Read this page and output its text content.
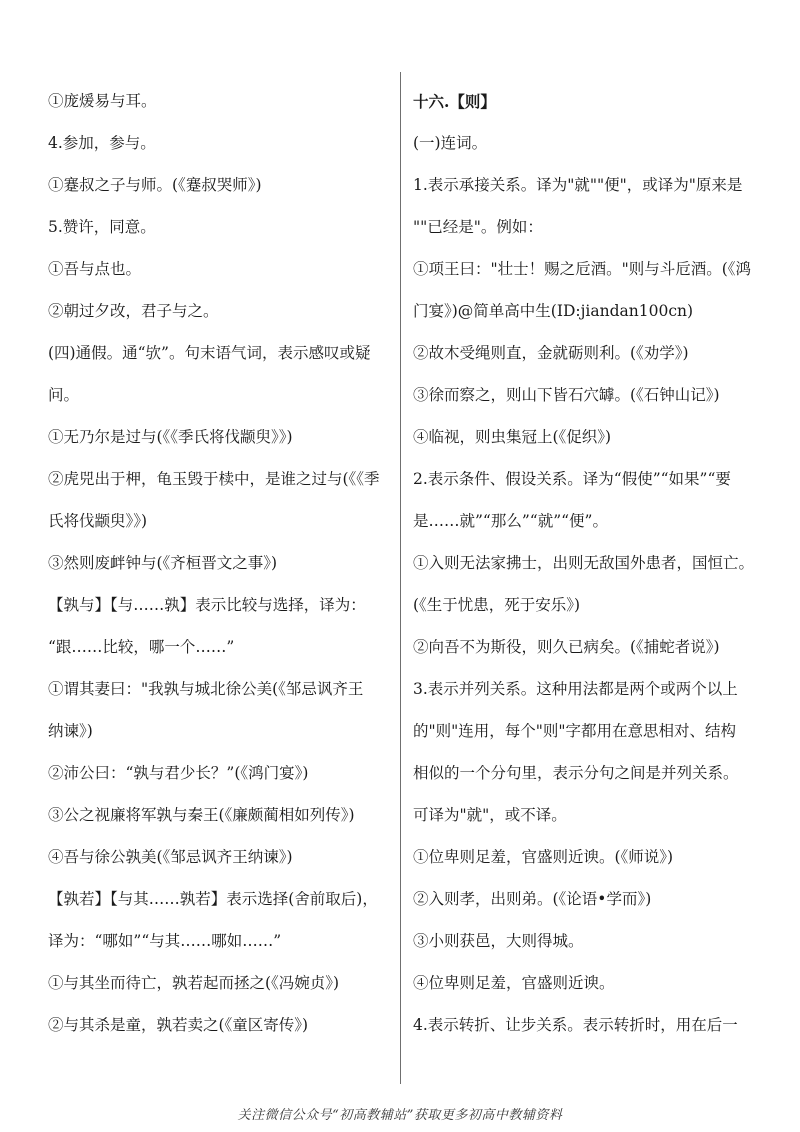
①庞煖易与耳。
4.参加，参与。
①蹇叔之子与师。(《蹇叔哭师》)
5.赞许，同意。
①吾与点也。
②朝过夕改，君子与之。
(四)通假。通“欤”。句末语气词，表示感叹或疑
问。
①无乃尔是过与(《《季氏将伐颛臾》》)
②虎兕出于柙，龟玉毁于椟中，是谁之过与(《《季
氏将伐颛臾》》)
③然则废衅钟与(《齐桓晋文之事》)
【孰与】【与……孰】表示比较与选择，译为：
“跟……比较，哪一个……”
①谓其妻曰："我孰与城北徐公美(《邹忌讽齐王
纳谏》)
②沛公曰：“孰与君少长？”(《鸿门宴》)
③公之视廉将军孰与秦王(《廉颇蔺相如列传》)
④吾与徐公孰美(《邹忌讽齐王纳谏》)
【孰若】【与其……孰若】表示选择(舍前取后)，
译为：“哪如”“与其……哪如……”
①与其坐而待亡，孰若起而拯之(《冯婉贞》)
②与其杀是童，孰若卖之(《童区寄传》)
十六.【则】
(一)连词。
1.表示承接关系。译为"就""便"，或译为"原来是
""已经是"。例如：
①项王曰："壮士！赐之卮酒。"则与斗卮酒。(《鸿
门宴》)@简单高中生(ID:jiandan100cn)
②故木受绳则直，金就砺则利。(《劝学》)
③徐而察之，则山下皆石穴罅。(《石钟山记》)
④临视，则虫集冠上(《促织》)
2.表示条件、假设关系。译为“假使”“如果”“要
是……就”“那么”“就”“便”。
①入则无法家拂士，出则无敌国外患者，国恒亡。
(《生于忧患，死于安乐》)
②向吾不为斯役，则久已病矣。(《捕蛇者说》)
3.表示并列关系。这种用法都是两个或两个以上
的"则"连用，每个"则"字都用在意思相对、结构
相似的一个分句里，表示分句之间是并列关系。
可译为"就"，或不译。
①位卑则足羞，官盛则近谀。(《师说》)
②入则孝，出则弟。(《论语•学而》)
③小则获邑，大则得城。
④位卑则足羞，官盛则近谀。
4.表示转折、让步关系。表示转折时，用在后一
关注微信公众号“初高教辅站”获取更多初高中教辅资料
